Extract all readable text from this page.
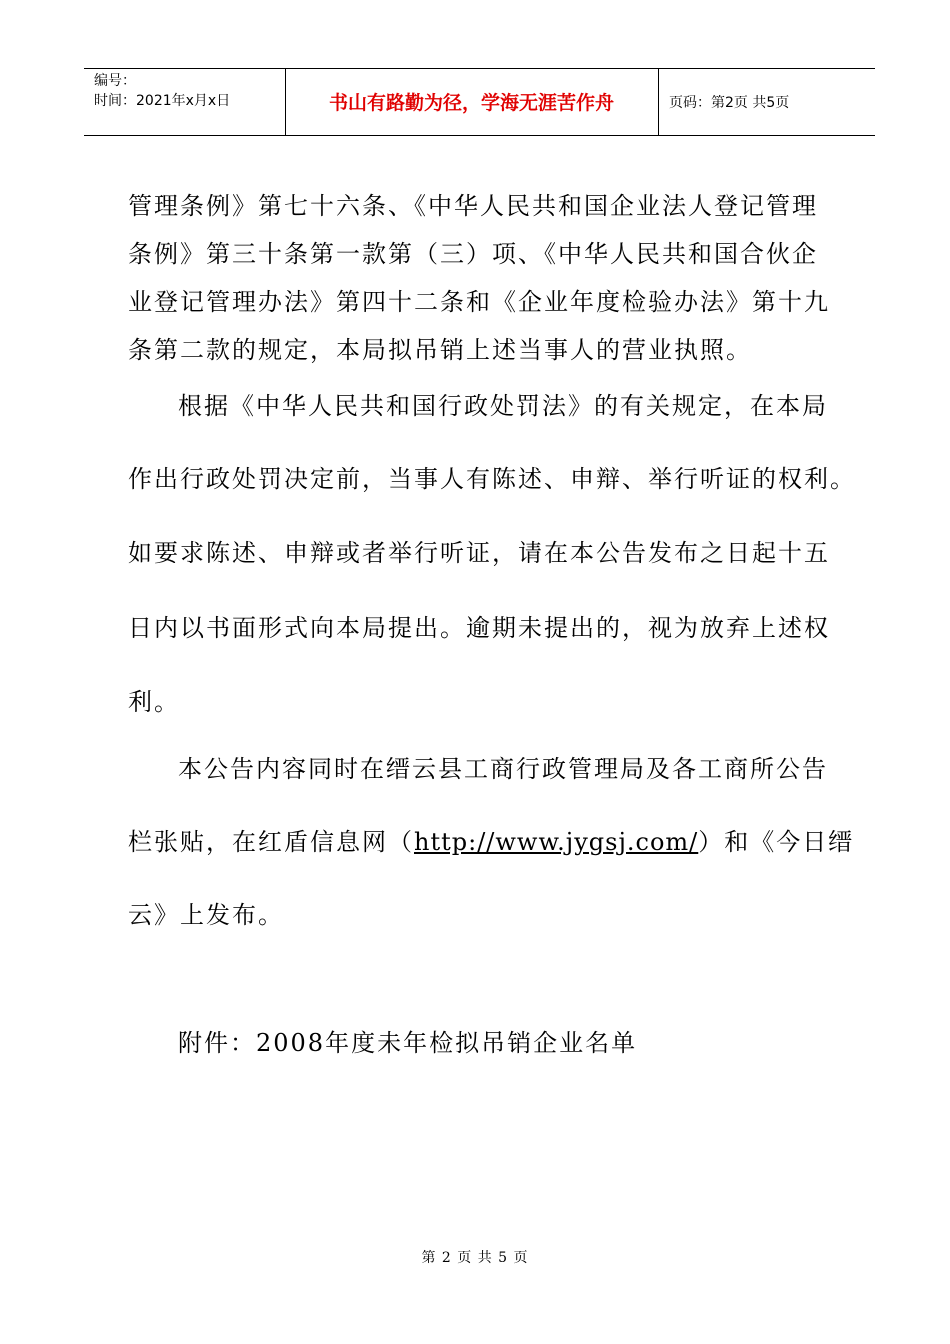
编号：
时间：2021年x月x日	书山有路勤为径，学海无涯苦作舟	页码：第2页 共5页
管理条例》第七十六条、《中华人民共和国企业法人登记管理
条例》第三十条第一款第（三）项、《中华人民共和国合伙企
业登记管理办法》第四十二条和《企业年度检验办法》第十九
条第二款的规定，本局拟吊销上述当事人的营业执照。
根据《中华人民共和国行政处罚法》的有关规定，在本局
作出行政处罚决定前，当事人有陈述、申辩、举行听证的权利。
如要求陈述、申辩或者举行听证，请在本公告发布之日起十五
日内以书面形式向本局提出。逾期未提出的，视为放弃上述权
利。
本公告内容同时在缙云县工商行政管理局及各工商所公告
栏张贴，在红盾信息网（http://www.jygsj.com/）和《今日缙
云》上发布。
附件：2008年度未年检拟吊销企业名单
第 2 页 共 5 页
